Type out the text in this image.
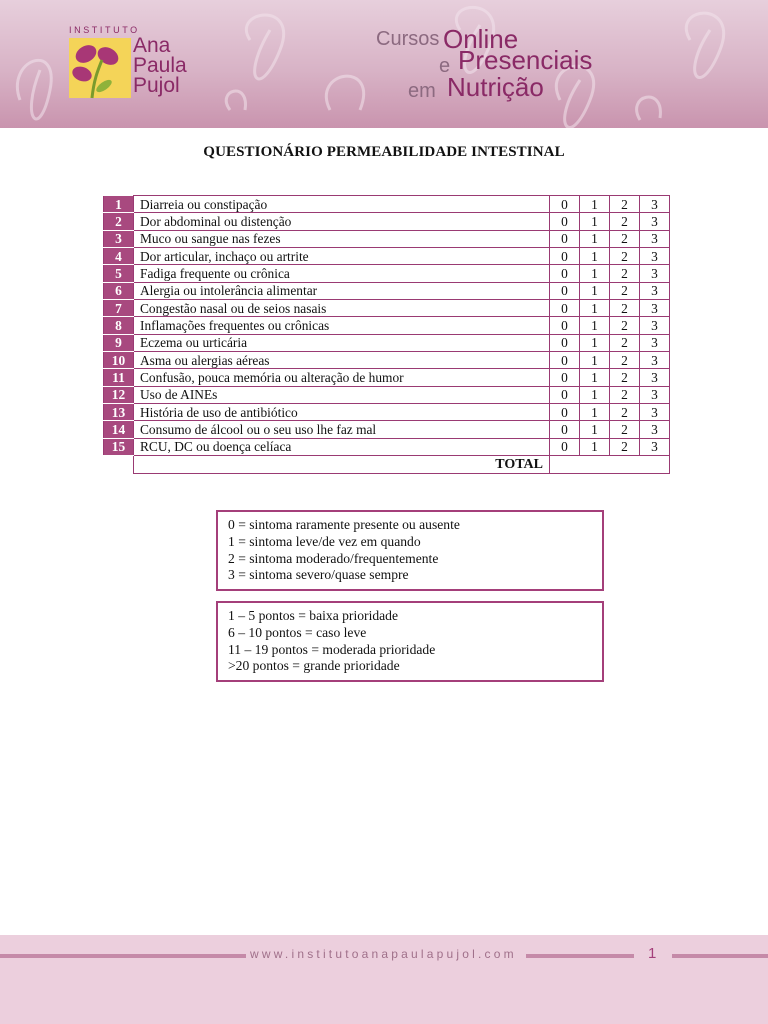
INSTITUTO
Ana
Paula
Pujol
Cursos Online
e Presenciais
em Nutrição
QUESTIONÁRIO PERMEABILIDADE INTESTINAL
1	Diarreia ou constipação	0	1	2	3
2	Dor abdominal ou distenção	0	1	2	3
3	Muco ou sangue nas fezes	0	1	2	3
4	Dor articular, inchaço ou artrite	0	1	2	3
5	Fadiga frequente ou crônica	0	1	2	3
6	Alergia ou intolerância alimentar	0	1	2	3
7	Congestão nasal ou de seios nasais	0	1	2	3
8	Inflamações frequentes ou crônicas	0	1	2	3
9	Eczema ou urticária	0	1	2	3
10	Asma ou alergias aéreas	0	1	2	3
11	Confusão, pouca memória ou alteração de humor	0	1	2	3
12	Uso de AINEs	0	1	2	3
13	História de uso de antibiótico	0	1	2	3
14	Consumo de álcool ou o seu uso lhe faz mal	0	1	2	3
15	RCU, DC ou doença celíaca	0	1	2	3
	TOTAL				
0 = sintoma raramente presente ou ausente
1 = sintoma leve/de vez em quando
2 = sintoma moderado/frequentemente
3 = sintoma severo/quase sempre
1 – 5 pontos = baixa prioridade
6 – 10 pontos = caso leve
11 – 19 pontos = moderada prioridade
>20 pontos = grande prioridade
www.institutoanapaulapujol.com	1
